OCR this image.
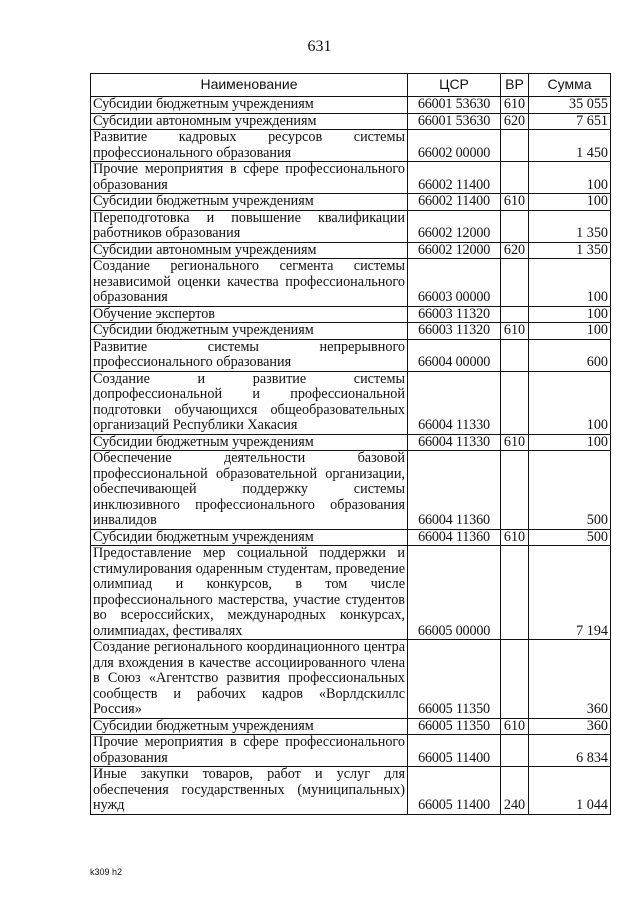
631
Наименование	ЦСР	ВР	Сумма
Субсидии бюджетным учреждениям	66001 53630	610	35 055
Субсидии автономным учреждениям	66001 53630	620	7 651
Развитие кадровых ресурсов системы профессионального образования	66002 00000		1 450
Прочие мероприятия в сфере профессионального образования	66002 11400		100
Субсидии бюджетным учреждениям	66002 11400	610	100
Переподготовка и повышение квалификации работников образования	66002 12000		1 350
Субсидии автономным учреждениям	66002 12000	620	1 350
Создание регионального сегмента системы независимой оценки качества профессионального образования	66003 00000		100
Обучение экспертов	66003 11320		100
Субсидии бюджетным учреждениям	66003 11320	610	100
Развитие системы непрерывного профессионального образования	66004 00000		600
Создание и развитие системы допрофессиональной и профессиональной подготовки обучающихся общеобразовательных организаций Республики Хакасия	66004 11330		100
Субсидии бюджетным учреждениям	66004 11330	610	100
Обеспечение деятельности базовой профессиональной образовательной организации, обеспечивающей поддержку системы инклюзивного профессионального образования инвалидов	66004 11360		500
Субсидии бюджетным учреждениям	66004 11360	610	500
Предоставление мер социальной поддержки и стимулирования одаренным студентам, проведение олимпиад и конкурсов, в том числе профессионального мастерства, участие студентов во всероссийских, международных конкурсах, олимпиадах, фестивалях	66005 00000		7 194
Создание регионального координационного центра для вхождения в качестве ассоциированного члена в Союз «Агентство развития профессиональных сообществ и рабочих кадров «Ворлдскиллс Россия»	66005 11350		360
Субсидии бюджетным учреждениям	66005 11350	610	360
Прочие мероприятия в сфере профессионального образования	66005 11400		6 834
Иные закупки товаров, работ и услуг для обеспечения государственных (муниципальных) нужд	66005 11400	240	1 044
k309 h2
